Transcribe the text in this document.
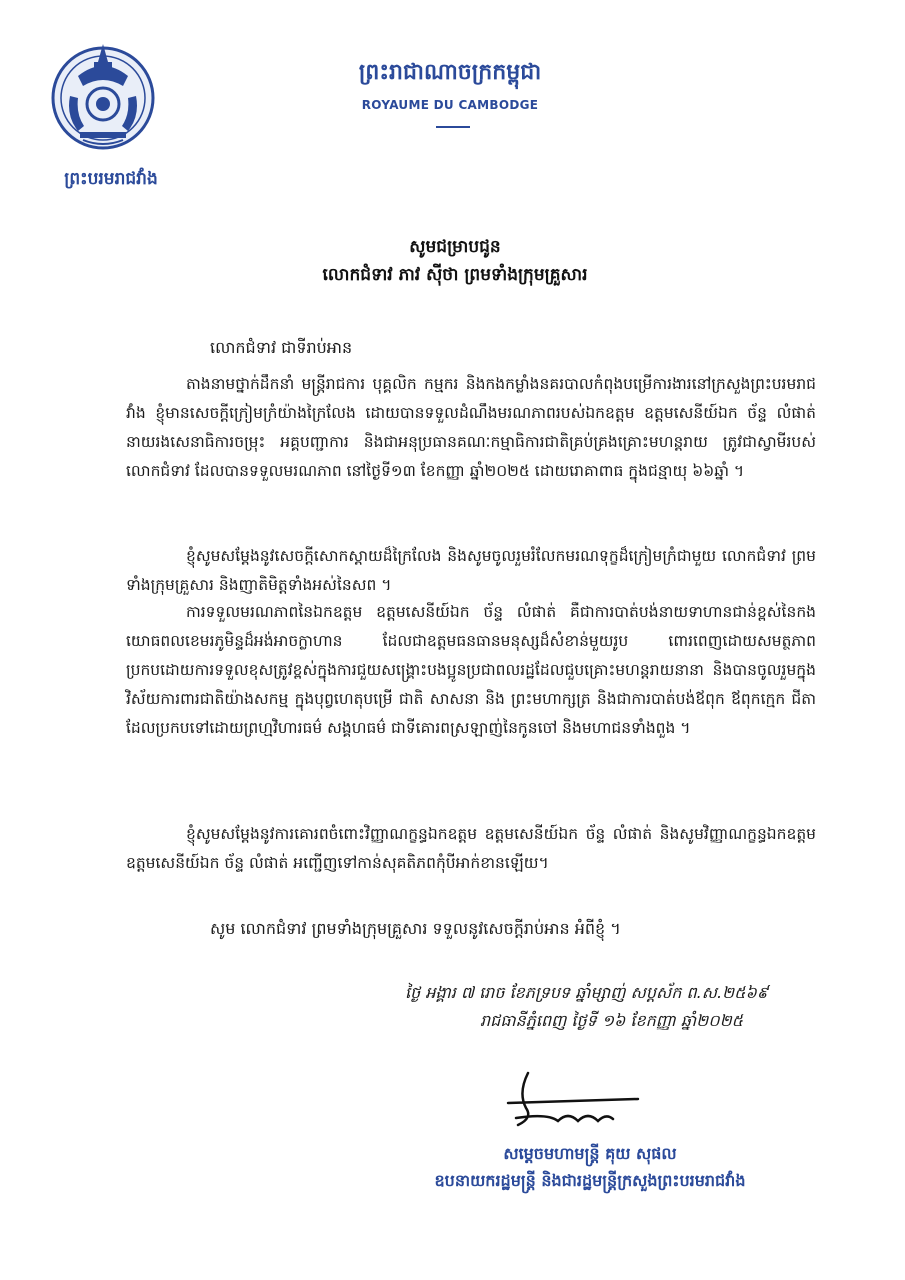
ព្រះបរមរាជវាំង
ព្រះរាជាណាចក្រកម្ពុជា
ROYAUME DU CAMBODGE
សូមជម្រាបជូន
លោកជំទាវ ភាវ ស៊ីថា ព្រមទាំងក្រុមគ្រួសារ
លោកជំទាវ ជាទីរាប់អាន
តាងនាមថ្នាក់ដឹកនាំ មន្ត្រីរាជការ បុគ្គលិក កម្មករ និងកងកម្លាំងនគរបាលកំពុងបម្រើការងារនៅក្រសួងព្រះបរមរាជវាំង ខ្ញុំមានសេចក្តីក្រៀមក្រំយ៉ាងក្រៃលែង ដោយបានទទួលដំណឹងមរណភាពរបស់ឯកឧត្តម ឧត្តមសេនីយ៍ឯក ច័ន្ទ លំផាត់ នាយរងសេនាធិការចម្រុះ អគ្គបញ្ជាការ និងជាអនុប្រធានគណៈកម្មាធិការជាតិគ្រប់គ្រងគ្រោះមហន្តរាយ ត្រូវជាស្វាមីរបស់ លោកជំទាវ ដែលបានទទួលមរណភាព នៅថ្ងៃទី១៣ ខែកញ្ញា ឆ្នាំ២០២៥ ដោយរោគាពាធ ក្នុងជន្មាយុ ៦៦ឆ្នាំ ។
ខ្ញុំសូមសម្តែងនូវសេចក្តីសោកស្តាយដ៏ក្រៃលែង និងសូមចូលរួមរំលែកមរណទុក្ខដ៏ក្រៀមក្រំជាមួយ លោកជំទាវ ព្រមទាំងក្រុមគ្រួសារ និងញាតិមិត្តទាំងអស់នៃសព ។
ការទទួលមរណភាពនៃឯកឧត្តម ឧត្តមសេនីយ៍ឯក ច័ន្ទ លំផាត់ គឺជាការបាត់បង់នាយទាហានជាន់ខ្ពស់នៃកងយោធពលខេមរភូមិន្ទដ៏អង់អាចក្លាហាន ដែលជាឧត្តមធនធានមនុស្សដ៏សំខាន់មួយរូប ពោរពេញដោយសមត្ថភាព ប្រកបដោយការទទួលខុសត្រូវខ្ពស់ក្នុងការជួយសង្គ្រោះបងប្អូនប្រជាពលរដ្ឋដែលជួបគ្រោះមហន្តរាយនានា និងបានចូលរួមក្នុងវិស័យការពារជាតិយ៉ាងសកម្ម ក្នុងបុព្វហេតុបម្រើ ជាតិ សាសនា និង ព្រះមហាក្សត្រ និងជាការបាត់បង់ឪពុក ឪពុកក្មេក ជីតា ដែលប្រកបទៅដោយព្រហ្មវិហារធម៌ សង្គហធម៌ ជាទីគោរពស្រឡាញ់នៃកូនចៅ និងមហាជនទាំងពួង ។
ខ្ញុំសូមសម្តែងនូវការគោរពចំពោះវិញ្ញាណក្ខន្ធឯកឧត្តម ឧត្តមសេនីយ៍ឯក ច័ន្ទ លំផាត់ និងសូមវិញ្ញាណក្ខន្ធឯកឧត្តម ឧត្តមសេនីយ៍ឯក ច័ន្ទ លំផាត់ អញ្ជើញទៅកាន់សុគតិភពកុំបីអាក់ខានឡើយ។
សូម លោកជំទាវ ព្រមទាំងក្រុមគ្រួសារ ទទួលនូវសេចក្តីរាប់អាន អំពីខ្ញុំ ។
ថ្ងៃ អង្គារ ៧ រោច ខែភទ្របទ ឆ្នាំម្សាញ់ សប្តស័ក ព.ស.២៥៦៩
រាជធានីភ្នំពេញ ថ្ងៃទី ១៦ ខែកញ្ញា ឆ្នាំ២០២៥
សម្តេចមហាមន្ត្រី គុយ សុផល
ឧបនាយករដ្ឋមន្ត្រី និងជារដ្ឋមន្ត្រីក្រសួងព្រះបរមរាជវាំង
